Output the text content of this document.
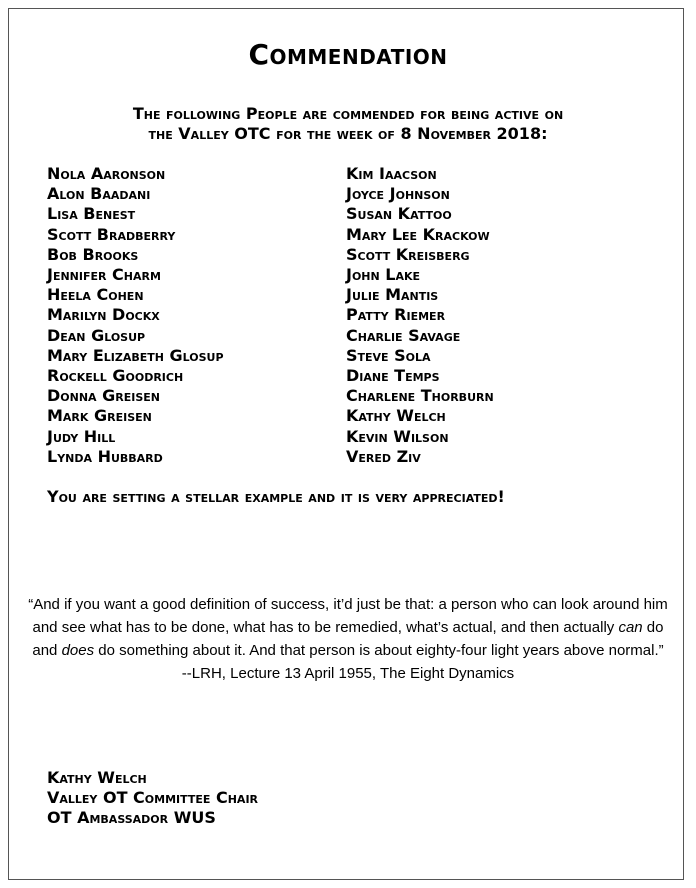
Commendation
The following People are commended for being active on
the Valley OTC for the week of 8 November 2018:
Nola Aaronson
Alon Baadani
Lisa Benest
Scott Bradberry
Bob Brooks
Jennifer Charm
Heela Cohen
Marilyn Dockx
Dean Glosup
Mary Elizabeth Glosup
Rockell Goodrich
Donna Greisen
Mark Greisen
Judy Hill
Lynda Hubbard
Kim Iaacson
Joyce Johnson
Susan Kattoo
Mary Lee Krackow
Scott Kreisberg
John Lake
Julie Mantis
Patty Riemer
Charlie Savage
Steve Sola
Diane Temps
Charlene Thorburn
Kathy Welch
Kevin Wilson
Vered Ziv
You are setting a stellar example and it is very appreciated!
“And if you want a good definition of success, it’d just be that: a person who can look around him and see what has to be done, what has to be remedied, what’s actual, and then actually can do and does do something about it. And that person is about eighty-four light years above normal.”
--LRH, Lecture 13 April 1955, The Eight Dynamics
Kathy Welch
Valley OT Committee Chair
OT Ambassador WUS
